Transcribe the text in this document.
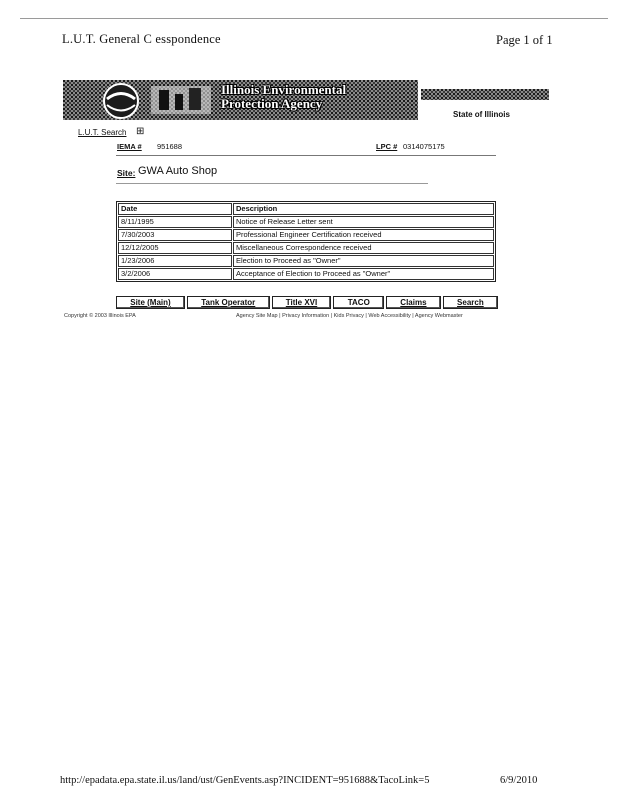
L.U.T. General C esspondence	Page 1 of 1
Illinois Environmental
Protection Agency
State of Illinois
L.U.T. Search ⊞
IEMA # 951688	LPC # 0314075175
Site: GWA Auto Shop
Date	Description
8/11/1995	Notice of Release Letter sent
7/30/2003	Professional Engineer Certification received
12/12/2005	Miscellaneous Correspondence received
1/23/2006	Election to Proceed as "Owner"
3/2/2006	Acceptance of Election to Proceed as "Owner"
Site (Main)	Tank Operator	Title XVI	TACO	Claims	Search
Copyright © 2003 Illinois EPA	Agency Site Map | Privacy Information | Kids Privacy | Web Accessibility | Agency Webmaster
http://epadata.epa.state.il.us/land/ust/GenEvents.asp?INCIDENT=951688&TacoLink=5	6/9/2010
